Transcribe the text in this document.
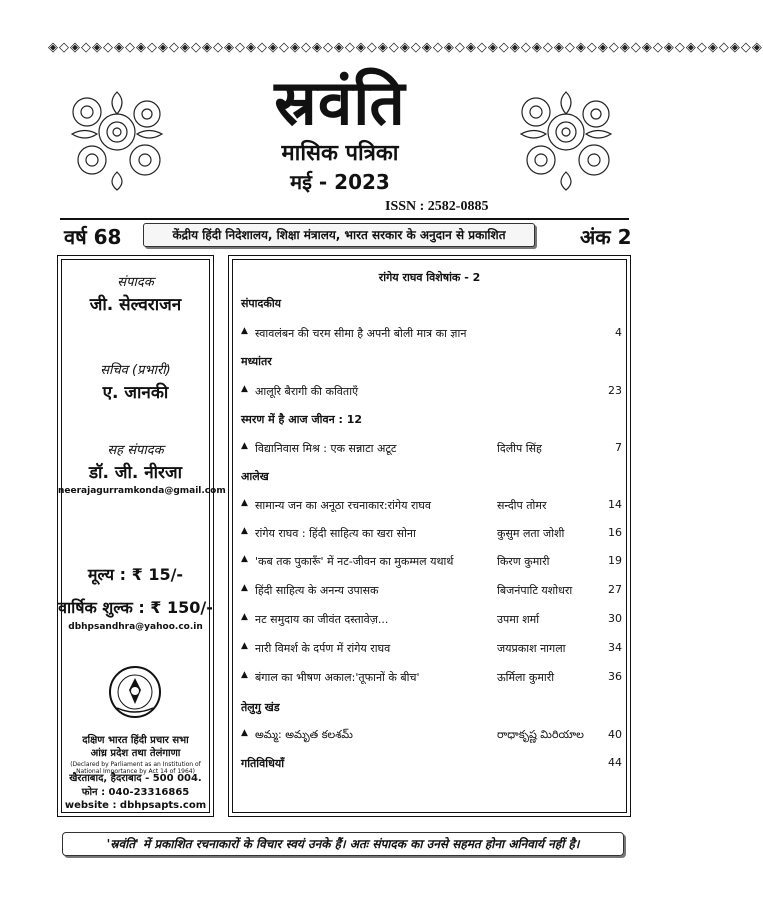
◈◇◈◇◈◇◈◇◈◇◈◇◈◇◈◇◈◇◈◇◈◇◈◇◈◇◈◇◈◇◈◇◈◇◈◇◈◇◈◇◈◇◈◇◈◇◈◇◈◇◈◇◈◇◈◇◈◇◈◇◈◇◈◇◈
स्रवंति
मासिक पत्रिका
मई - 2023
ISSN : 2582-0885
वर्ष 68	केंद्रीय हिंदी निदेशालय, शिक्षा मंत्रालय, भारत सरकार के अनुदान से प्रकाशित	अंक 2
संपादक
जी. सेल्वराजन
सचिव (प्रभारी)
ए. जानकी
सह संपादक
डॉ. जी. नीरजा
neerajagurramkonda@gmail.com
मूल्य : ₹ 15/-
वार्षिक शुल्क : ₹ 150/-
dbhpsandhra@yahoo.co.in
दक्षिण भारत हिंदी प्रचार सभा
आंध्र प्रदेश तथा तेलंगाणा
(Declared by Parliament as an Institution of National Importance by Act 14 of 1964)
खैरताबाद, हैदराबाद - 500 004.
फोन : 040-23316865
website : dbhpsapts.com
रांगेय राघव विशेषांक - 2
संपादकीय
▲ स्वावलंबन की चरम सीमा है अपनी बोली मात्र का ज्ञान	4
मध्यांतर
▲ आलूरि बैरागी की कविताएँ	23
स्मरण में है आज जीवन : 12
▲ विद्यानिवास मिश्र : एक सन्नाटा अटूट	दिलीप सिंह	7
आलेख
▲ सामान्य जन का अनूठा रचनाकार:रांगेय राघव	सन्दीप तोमर	14
▲ रांगेय राघव : हिंदी साहित्य का खरा सोना	कुसुम लता जोशी	16
▲ 'कब तक पुकारूँ' में नट-जीवन का मुकम्मल यथार्थ	किरण कुमारी	19
▲ हिंदी साहित्य के अनन्य उपासक	बिजनंपाटि यशोधरा	27
▲ नट समुदाय का जीवंत दस्तावेज़...	उपमा शर्मा	30
▲ नारी विमर्श के दर्पण में रांगेय राघव	जयप्रकाश नागला	34
▲ बंगाल का भीषण अकाल:'तूफानों के बीच'	ऊर्मिला कुमारी	36
तेलुगु खंड
▲ అమ్మ: అమృత కలశమ్	రాధాకృష్ణ మిరియాల 40
गतिविधियाँ	44
'स्रवंति' में प्रकाशित रचनाकारों के विचार स्वयं उनके हैं। अतः संपादक का उनसे सहमत होना अनिवार्य नहीं है।
